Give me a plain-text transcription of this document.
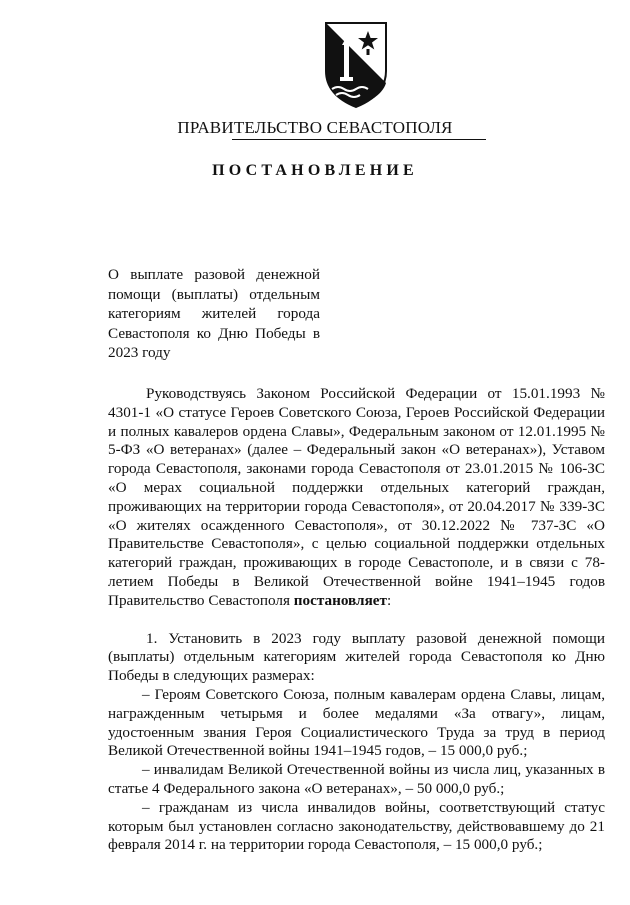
ПРАВИТЕЛЬСТВО СЕВАСТОПОЛЯ
ПОСТАНОВЛЕНИЕ
О выплате разовой денежной помощи (выплаты) отдельным категориям жителей города Севастополя ко Дню Победы в 2023 году

Руководствуясь Законом Российской Федерации от 15.01.1993 № 4301-1 «О статусе Героев Советского Союза, Героев Российской Федерации и полных кавалеров ордена Славы», Федеральным законом от 12.01.1995 № 5-ФЗ «О ветеранах» (далее – Федеральный закон «О ветеранах»), Уставом города Севастополя, законами города Севастополя от 23.01.2015 № 106-ЗС «О мерах социальной поддержки отдельных категорий граждан, проживающих на территории города Севастополя», от 20.04.2017 № 339-ЗС «О жителях осажденного Севастополя», от 30.12.2022 № 737-ЗС «О Правительстве Севастополя», с целью социальной поддержки отдельных категорий граждан, проживающих в городе Севастополе, и в связи с 78-летием Победы в Великой Отечественной войне 1941–1945 годов Правительство Севастополя постановляет:

1. Установить в 2023 году выплату разовой денежной помощи (выплаты) отдельным категориям жителей города Севастополя ко Дню Победы в следующих размерах:

– Героям Советского Союза, полным кавалерам ордена Славы, лицам, награжденным четырьмя и более медалями «За отвагу», лицам, удостоенным звания Героя Социалистического Труда за труд в период Великой Отечественной войны 1941–1945 годов, – 15 000,0 руб.;

– инвалидам Великой Отечественной войны из числа лиц, указанных в статье 4 Федерального закона «О ветеранах», – 50 000,0 руб.;

– гражданам из числа инвалидов войны, соответствующий статус которым был установлен согласно законодательству, действовавшему до 21 февраля 2014 г. на территории города Севастополя, – 15 000,0 руб.;
